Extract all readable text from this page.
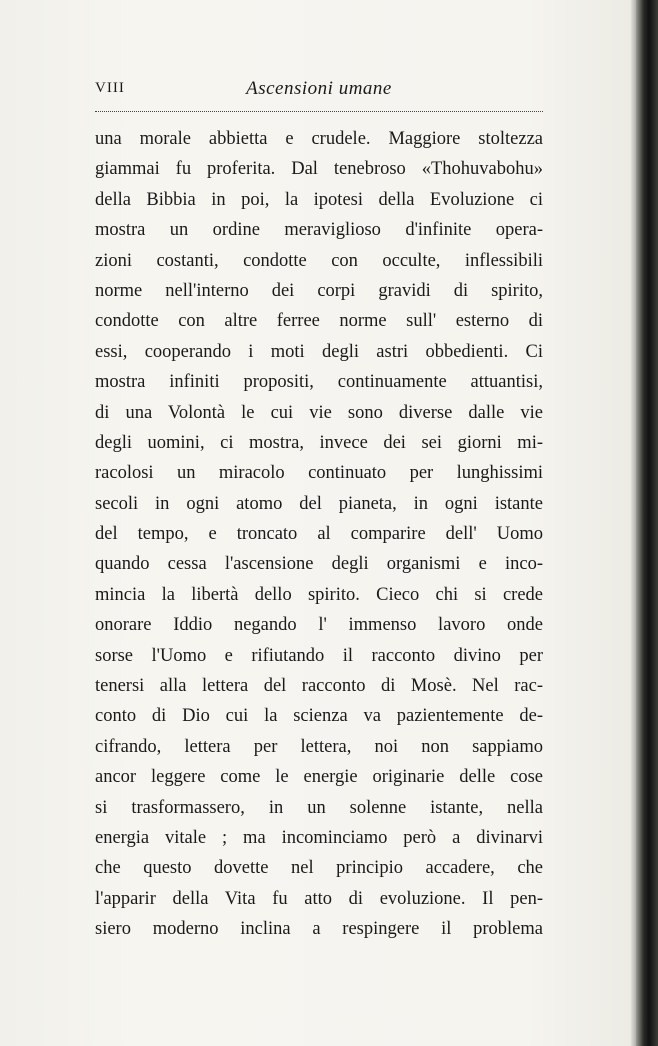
VIII	Ascensioni umane
una morale abbietta e crudele. Maggiore stoltezza
giammai fu proferita. Dal tenebroso «Thohuvabohu»
della Bibbia in poi, la ipotesi della Evoluzione ci
mostra un ordine meraviglioso d'infinite opera-
zioni costanti, condotte con occulte, inflessibili
norme nell'interno dei corpi gravidi di spirito,
condotte con altre ferree norme sull' esterno di
essi, cooperando i moti degli astri obbedienti. Ci
mostra infiniti propositi, continuamente attuantisi,
di una Volontà le cui vie sono diverse dalle vie
degli uomini, ci mostra, invece dei sei giorni mi-
racolosi un miracolo continuato per lunghissimi
secoli in ogni atomo del pianeta, in ogni istante
del tempo, e troncato al comparire dell' Uomo
quando cessa l'ascensione degli organismi e inco-
mincia la libertà dello spirito. Cieco chi si crede
onorare Iddio negando l' immenso lavoro onde
sorse l'Uomo e rifiutando il racconto divino per
tenersi alla lettera del racconto di Mosè. Nel rac-
conto di Dio cui la scienza va pazientemente de-
cifrando, lettera per lettera, noi non sappiamo
ancor leggere come le energie originarie delle cose
si trasformassero, in un solenne istante, nella
energia vitale ; ma incominciamo però a divinarvi
che questo dovette nel principio accadere, che
l'apparir della Vita fu atto di evoluzione. Il pen-
siero moderno inclina a respingere il problema
